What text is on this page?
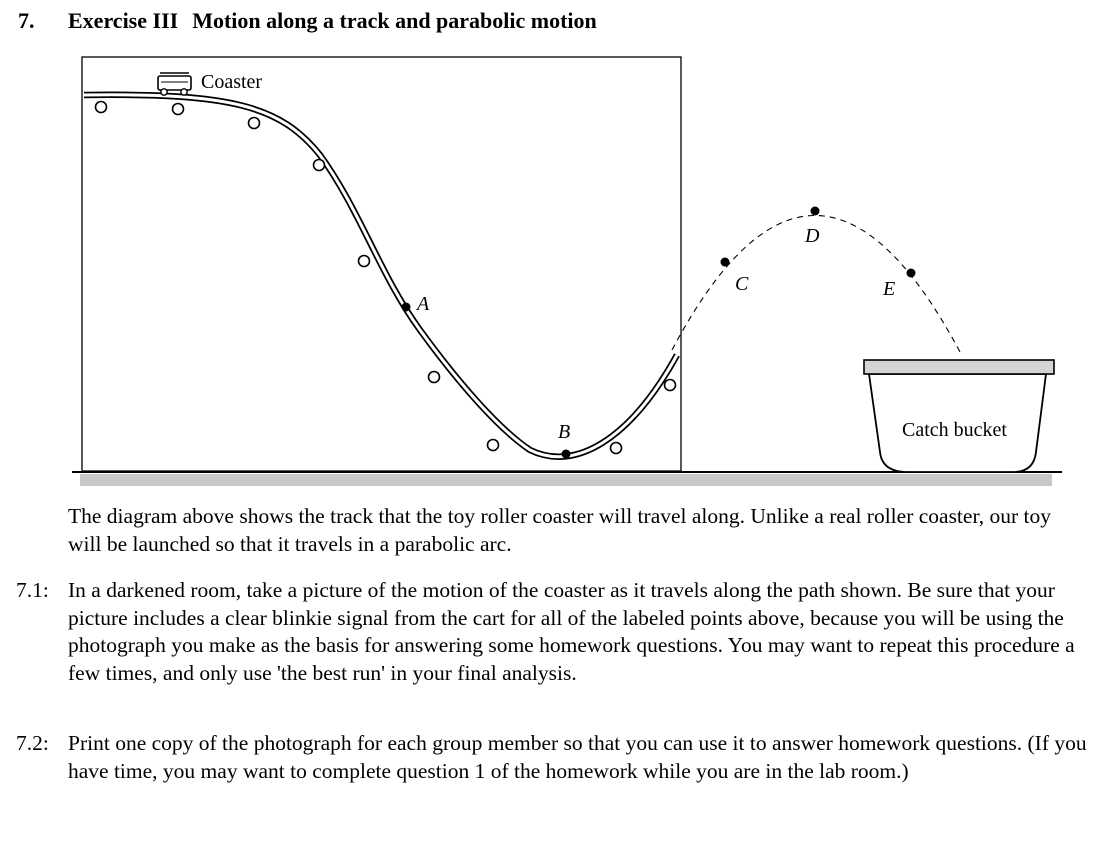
7. Exercise III Motion along a track and parabolic motion
Coaster
A
B
C
D
E
Catch bucket
The diagram above shows the track that the toy roller coaster will travel along. Unlike a real roller coaster, our toy will be launched so that it travels in a parabolic arc.
7.1: In a darkened room, take a picture of the motion of the coaster as it travels along the path shown. Be sure that your picture includes a clear blinkie signal from the cart for all of the labeled points above, because you will be using the photograph you make as the basis for answering some homework questions. You may want to repeat this procedure a few times, and only use 'the best run' in your final analysis.
7.2: Print one copy of the photograph for each group member so that you can use it to answer homework questions. (If you have time, you may want to complete question 1 of the homework while you are in the lab room.)
